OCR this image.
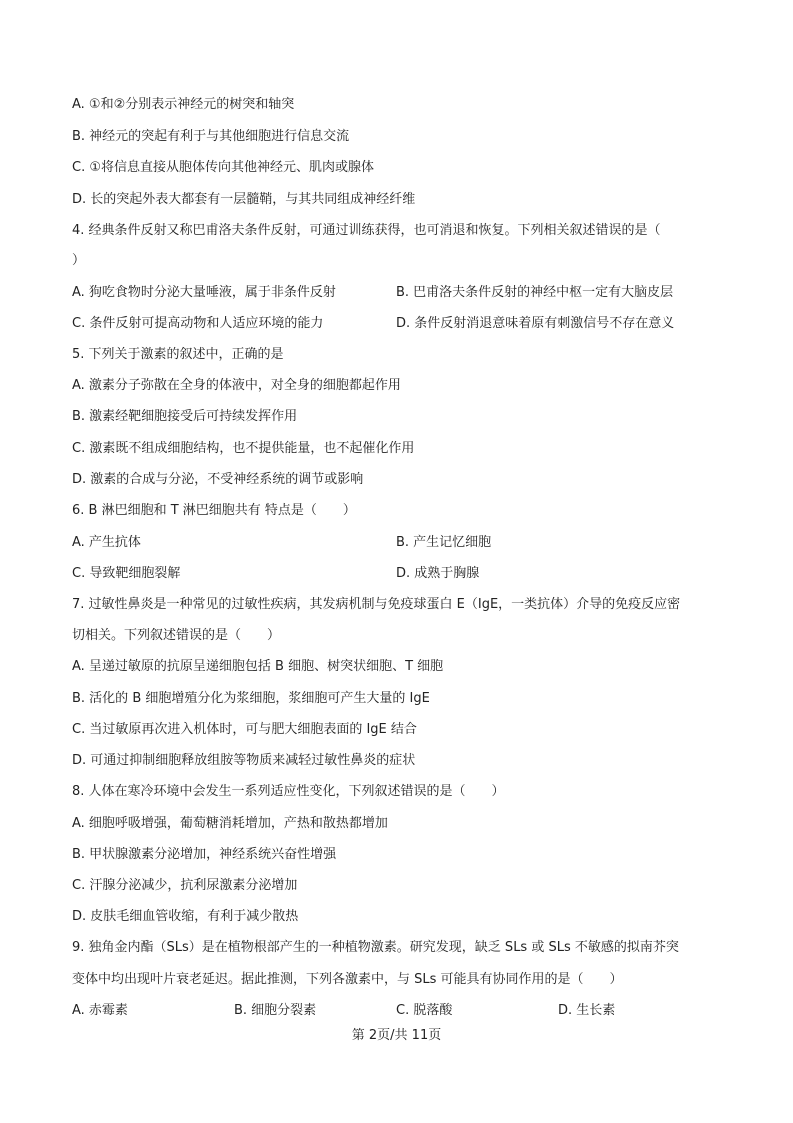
A. ①和②分别表示神经元的树突和轴突
B. 神经元的突起有利于与其他细胞进行信息交流
C. ①将信息直接从胞体传向其他神经元、肌肉或腺体
D. 长的突起外表大都套有一层髓鞘，与其共同组成神经纤维
4. 经典条件反射又称巴甫洛夫条件反射，可通过训练获得，也可消退和恢复。下列相关叙述错误的是（
）
A. 狗吃食物时分泌大量唾液，属于非条件反射	B. 巴甫洛夫条件反射的神经中枢一定有大脑皮层
C. 条件反射可提高动物和人适应环境的能力	D. 条件反射消退意味着原有刺激信号不存在意义
5. 下列关于激素的叙述中，正确的是
A. 激素分子弥散在全身的体液中，对全身的细胞都起作用
B. 激素经靶细胞接受后可持续发挥作用
C. 激素既不组成细胞结构，也不提供能量，也不起催化作用
D. 激素的合成与分泌，不受神经系统的调节或影响
6. B 淋巴细胞和 T 淋巴细胞共有 特点是（　　）
A. 产生抗体	B. 产生记忆细胞
C. 导致靶细胞裂解	D. 成熟于胸腺
7. 过敏性鼻炎是一种常见的过敏性疾病，其发病机制与免疫球蛋白 E（IgE，一类抗体）介导的免疫反应密
切相关。下列叙述错误的是（　　）
A. 呈递过敏原的抗原呈递细胞包括 B 细胞、树突状细胞、T 细胞
B. 活化的 B 细胞增殖分化为浆细胞，浆细胞可产生大量的 IgE
C. 当过敏原再次进入机体时，可与肥大细胞表面的 IgE 结合
D. 可通过抑制细胞释放组胺等物质来减轻过敏性鼻炎的症状
8. 人体在寒冷环境中会发生一系列适应性变化，下列叙述错误的是（　　）
A. 细胞呼吸增强，葡萄糖消耗增加，产热和散热都增加
B. 甲状腺激素分泌增加，神经系统兴奋性增强
C. 汗腺分泌减少，抗利尿激素分泌增加
D. 皮肤毛细血管收缩，有利于减少散热
9. 独角金内酯（SLs）是在植物根部产生的一种植物激素。研究发现，缺乏 SLs 或 SLs 不敏感的拟南芥突
变体中均出现叶片衰老延迟。据此推测，下列各激素中，与 SLs 可能具有协同作用的是（　　）
A. 赤霉素	B. 细胞分裂素	C. 脱落酸	D. 生长素
第 2页/共 11页
